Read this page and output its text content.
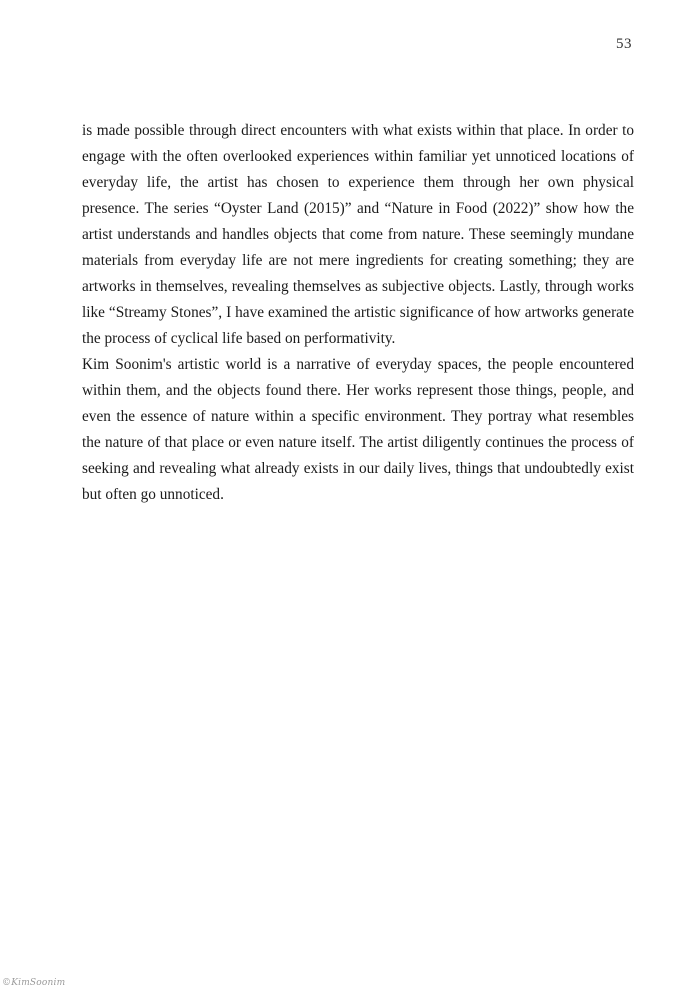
53

is made possible through direct encounters with what exists within that place. In order to engage with the often overlooked experiences within familiar yet unnoticed locations of everyday life, the artist has chosen to experience them through her own physical presence. The series “Oyster Land (2015)” and “Nature in Food (2022)” show how the artist understands and handles objects that come from nature. These seemingly mundane materials from everyday life are not mere ingredients for creating something; they are artworks in themselves, revealing themselves as subjective objects. Lastly, through works like “Streamy Stones”, I have examined the artistic significance of how artworks generate the process of cyclical life based on performativity.

Kim Soonim's artistic world is a narrative of everyday spaces, the people encountered within them, and the objects found there. Her works represent those things, people, and even the essence of nature within a specific environment. They portray what resembles the nature of that place or even nature itself. The artist diligently continues the process of seeking and revealing what already exists in our daily lives, things that undoubtedly exist but often go unnoticed.

©KimSoonim
